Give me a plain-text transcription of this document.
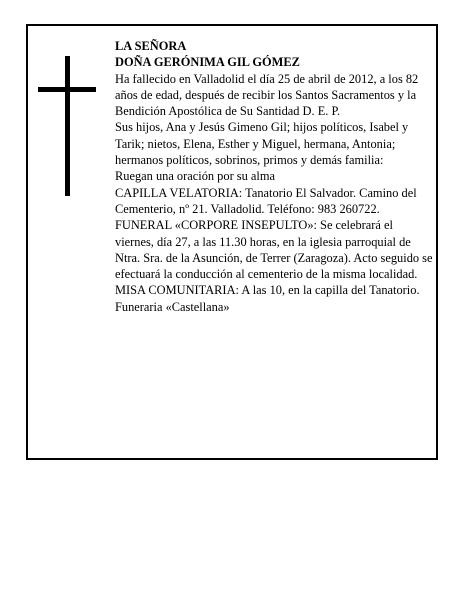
LA SEÑORA

DOÑA GERÓNIMA GIL GÓMEZ

Ha fallecido en Valladolid el día 25 de abril de 2012, a los 82 años de edad, después de recibir los Santos Sacramentos y la Bendición Apostólica de Su Santidad D. E. P.

Sus hijos, Ana y Jesús Gimeno Gil; hijos políticos, Isabel y Tarik; nietos, Elena, Esther y Miguel, hermana, Antonia; hermanos políticos, sobrinos, primos y demás familia:

Ruegan una oración por su alma

CAPILLA VELATORIA: Tanatorio El Salvador. Camino del Cementerio, nº 21. Valladolid. Teléfono: 983 260722.

FUNERAL «CORPORE INSEPULTO»: Se celebrará el viernes, día 27, a las 11.30 horas, en la iglesia parroquial de Ntra. Sra. de la Asunción, de Terrer (Zaragoza). Acto seguido se efectuará la conducción al cementerio de la misma localidad.

MISA COMUNITARIA: A las 10, en la capilla del Tanatorio.

Funeraria «Castellana»
